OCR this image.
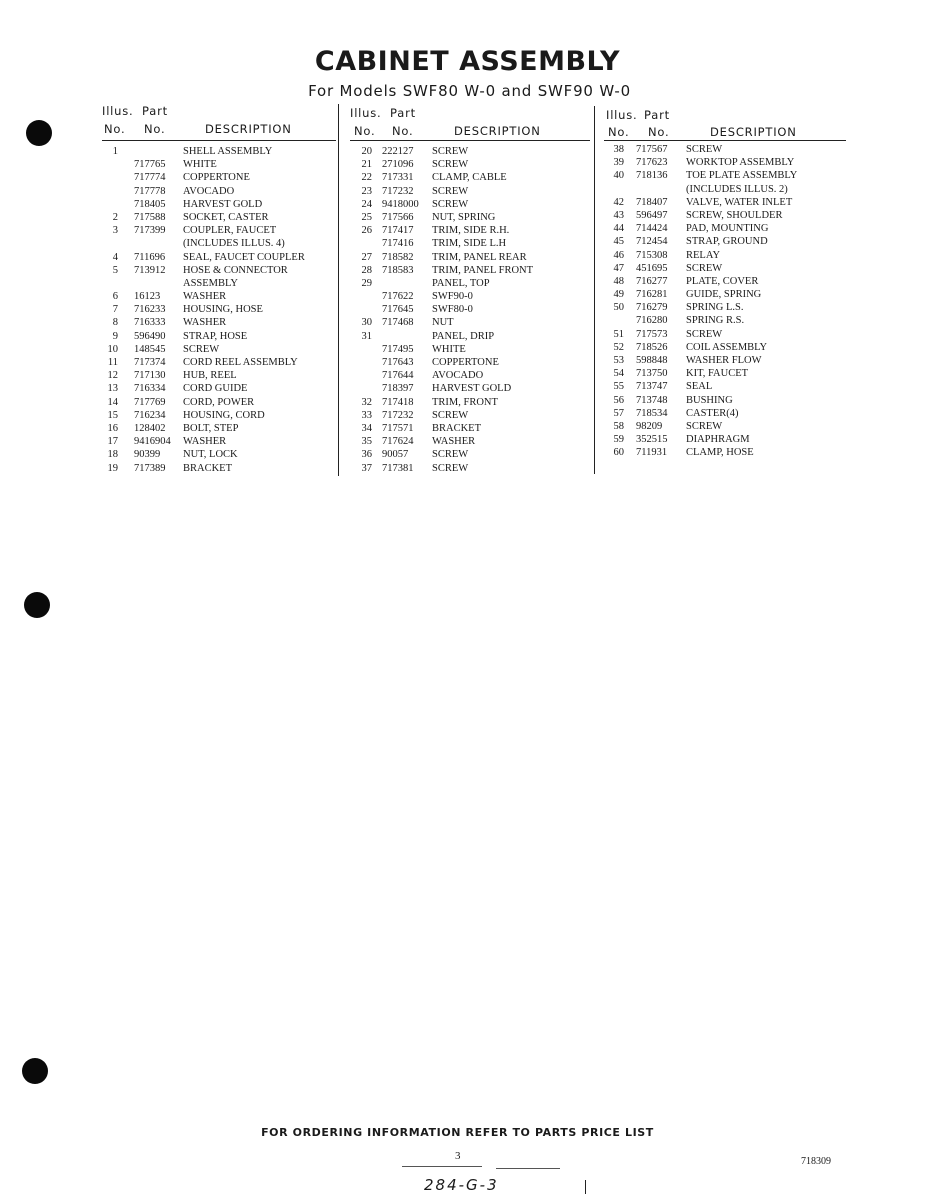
CABINET ASSEMBLY
For Models SWF80 W-0 and SWF90 W-0
Illus. Part
No. No.	DESCRIPTION
1	SHELL ASSEMBLY
717765 WHITE
717774 COPPERTONE
717778 AVOCADO
718405 HARVEST GOLD
2 717588 SOCKET, CASTER
3 717399 COUPLER, FAUCET
(INCLUDES ILLUS. 4)
4 711696 SEAL, FAUCET COUPLER
5 713912 HOSE & CONNECTOR
ASSEMBLY
6 16123 WASHER
7 716233 HOUSING, HOSE
8 716333 WASHER
9 596490 STRAP, HOSE
10 148545 SCREW
11 717374 CORD REEL ASSEMBLY
12 717130 HUB, REEL
13 716334 CORD GUIDE
14 717769 CORD, POWER
15 716234 HOUSING, CORD
16 128402 BOLT, STEP
17 9416904 WASHER
18 90399 NUT, LOCK
19 717389 BRACKET
Illus. Part
No. No.	DESCRIPTION
20 222127 SCREW
21 271096 SCREW
22 717331 CLAMP, CABLE
23 717232 SCREW
24 9418000 SCREW
25 717566 NUT, SPRING
26 717417 TRIM, SIDE R.H.
717416 TRIM, SIDE L.H
27 718582 TRIM, PANEL REAR
28 718583 TRIM, PANEL FRONT
29	PANEL, TOP
717622 SWF90-0
717645 SWF80-0
30 717468 NUT
31	PANEL, DRIP
717495 WHITE
717643 COPPERTONE
717644 AVOCADO
718397 HARVEST GOLD
32 717418 TRIM, FRONT
33 717232 SCREW
34 717571 BRACKET
35 717624 WASHER
36 90057 SCREW
37 717381 SCREW
Illus. Part
No. No.	DESCRIPTION
38 717567 SCREW
39 717623 WORKTOP ASSEMBLY
40 718136 TOE PLATE ASSEMBLY
(INCLUDES ILLUS. 2)
42 718407 VALVE, WATER INLET
43 596497 SCREW, SHOULDER
44 714424 PAD, MOUNTING
45 712454 STRAP, GROUND
46 715308 RELAY
47 451695 SCREW
48 716277 PLATE, COVER
49 716281 GUIDE, SPRING
50 716279 SPRING L.S.
716280 SPRING R.S.
51 717573 SCREW
52 718526 COIL ASSEMBLY
53 598848 WASHER FLOW
54 713750 KIT, FAUCET
55 713747 SEAL
56 713748 BUSHING
57 718534 CASTER(4)
58 98209 SCREW
59 352515 DIAPHRAGM
60 711931 CLAMP, HOSE
FOR ORDERING INFORMATION REFER TO PARTS PRICE LIST
3	718309
284-G-3
